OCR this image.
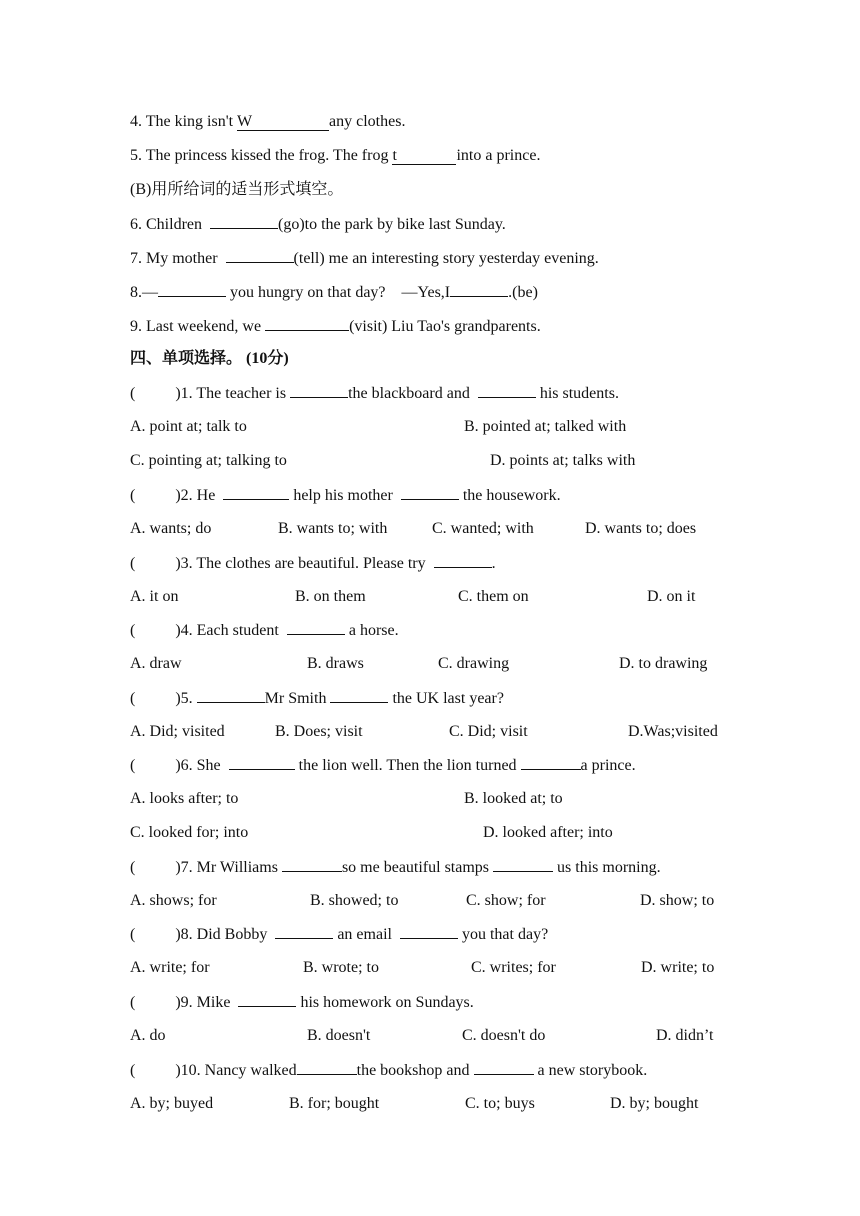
4. The king isn't W	any clothes.
5. The princess kissed the frog. The frog t	into a prince.
(B)用所给词的适当形式填空。
6. Children	(go)to the park by bike last Sunday.
7. My mother	(tell) me an interesting story yesterday evening.
8.—	you hungry on that day?    —Yes,I	.(be)
9. Last weekend, we	(visit) Liu Tao's grandparents.
四、单项选择。 (10分)
(          )1. The teacher is	the blackboard and	his students.
A. point at; talk to	B. pointed at; talked with
C. pointing at; talking to	D. points at; talks with
(          )2. He	help his mother	the housework.
A. wants; do	B. wants to; with	C. wanted; with	D. wants to; does
(          )3. The clothes are beautiful. Please try	.
A. it on	B. on them	C. them on	D. on it
(          )4. Each student	a horse.
A. draw	B. draws	C. drawing	D. to drawing
(          )5.	Mr Smith	the UK last year?
A. Did; visited	B. Does; visit	C. Did; visit	D.Was;visited
(          )6. She	the lion well. Then the lion turned	a prince.
A. looks after; to	B. looked at; to
C. looked for; into	D. looked after; into
(          )7. Mr Williams	so me beautiful stamps	us this morning.
A. shows; for	B. showed; to	C. show; for	D. show; to
(          )8. Did Bobby	an email	you that day?
A. write; for	B. wrote; to	C. writes; for	D. write; to
(          )9. Mike	his homework on Sundays.
A. do	B. doesn't	C. doesn't do	D. didn’t
(          )10. Nancy walked	the bookshop and	a new storybook.
A. by; buyed	B. for; bought	C. to; buys	D. by; bought
